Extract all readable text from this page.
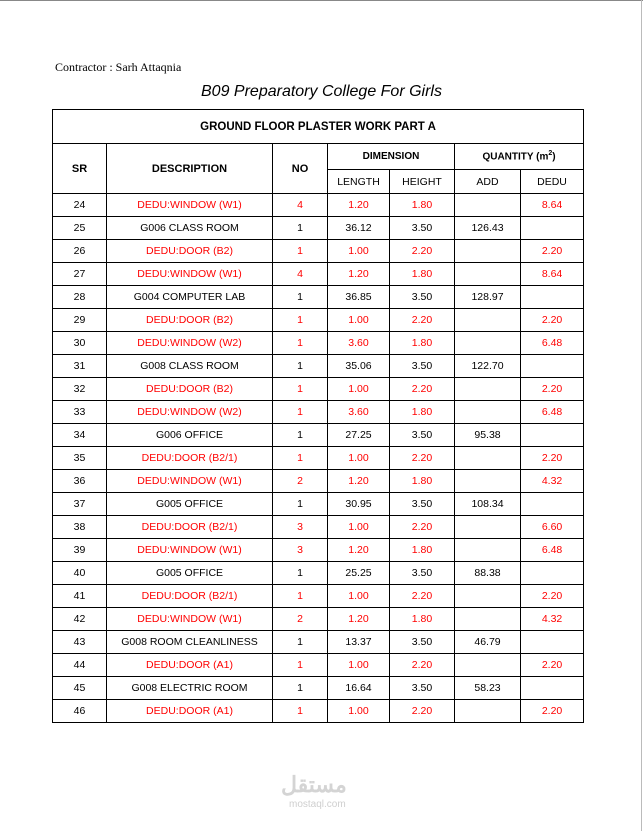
Contractor : Sarh Attaqnia
B09 Preparatory College For Girls
GROUND FLOOR PLASTER WORK PART A						
SR	DESCRIPTION	NO	DIMENSION		QUANTITY $(m^2)$	
			LENGTH	HEIGHT	ADD	DEDU
24	DEDU:WINDOW (W1)	4	1.20	1.80		8.64
25	G006 CLASS ROOM	1	36.12	3.50	126.43	
26	DEDU:DOOR (B2)	1	1.00	2.20		2.20
27	DEDU:WINDOW (W1)	4	1.20	1.80		8.64
28	G004 COMPUTER LAB	1	36.85	3.50	128.97	
29	DEDU:DOOR (B2)	1	1.00	2.20		2.20
30	DEDU:WINDOW (W2)	1	3.60	1.80		6.48
31	G008 CLASS ROOM	1	35.06	3.50	122.70	
32	DEDU:DOOR (B2)	1	1.00	2.20		2.20
33	DEDU:WINDOW (W2)	1	3.60	1.80		6.48
34	G006 OFFICE	1	27.25	3.50	95.38	
35	DEDU:DOOR (B2/1)	1	1.00	2.20		2.20
36	DEDU:WINDOW (W1)	2	1.20	1.80		4.32
37	G005 OFFICE	1	30.95	3.50	108.34	
38	DEDU:DOOR (B2/1)	3	1.00	2.20		6.60
39	DEDU:WINDOW (W1)	3	1.20	1.80		6.48
40	G005 OFFICE	1	25.25	3.50	88.38	
41	DEDU:DOOR (B2/1)	1	1.00	2.20		2.20
42	DEDU:WINDOW (W1)	2	1.20	1.80		4.32
43	G008 ROOM CLEANLINESS	1	13.37	3.50	46.79	
44	DEDU:DOOR (A1)	1	1.00	2.20		2.20
45	G008 ELECTRIC ROOM	1	16.64	3.50	58.23	
46	DEDU:DOOR (A1)	1	1.00	2.20		2.20
مستقل
mostaql.com
